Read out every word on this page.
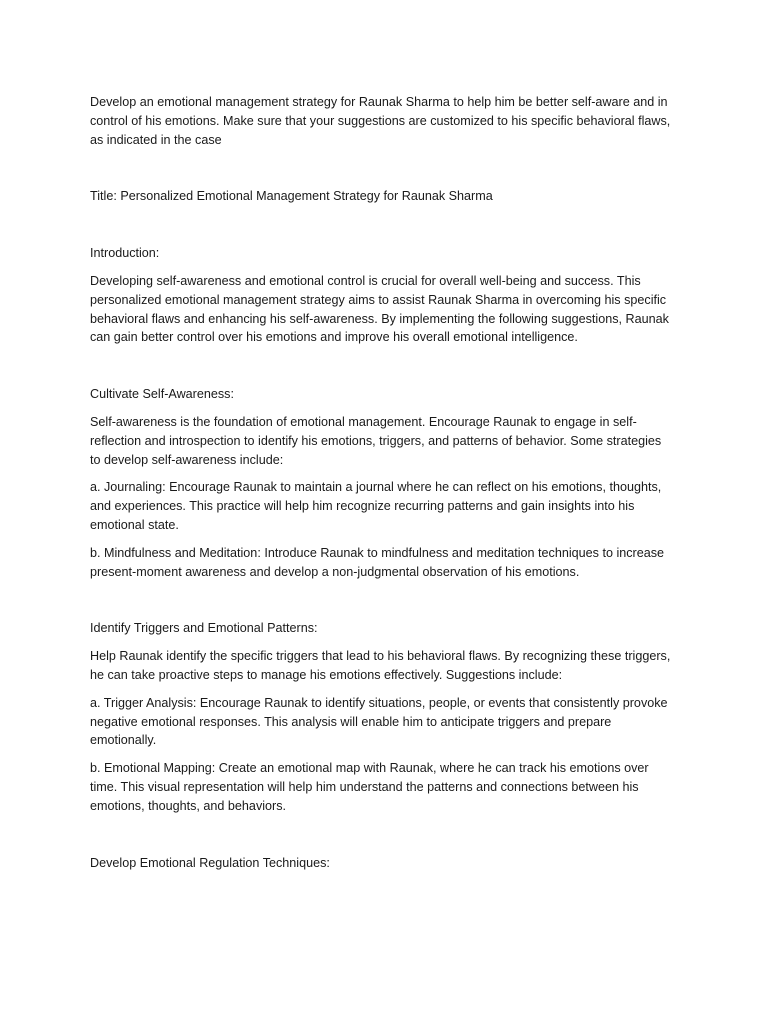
Develop an emotional management strategy for Raunak Sharma to help him be better self-aware and in
control of his emotions. Make sure that your suggestions are customized to his specific behavioral flaws,
as indicated in the case

Title: Personalized Emotional Management Strategy for Raunak Sharma

Introduction:

Developing self-awareness and emotional control is crucial for overall well-being and success. This
personalized emotional management strategy aims to assist Raunak Sharma in overcoming his specific
behavioral flaws and enhancing his self-awareness. By implementing the following suggestions, Raunak
can gain better control over his emotions and improve his overall emotional intelligence.

Cultivate Self-Awareness:

Self-awareness is the foundation of emotional management. Encourage Raunak to engage in self-
reflection and introspection to identify his emotions, triggers, and patterns of behavior. Some strategies
to develop self-awareness include:

a. Journaling: Encourage Raunak to maintain a journal where he can reflect on his emotions, thoughts,
and experiences. This practice will help him recognize recurring patterns and gain insights into his
emotional state.

b. Mindfulness and Meditation: Introduce Raunak to mindfulness and meditation techniques to increase
present-moment awareness and develop a non-judgmental observation of his emotions.

Identify Triggers and Emotional Patterns:

Help Raunak identify the specific triggers that lead to his behavioral flaws. By recognizing these triggers,
he can take proactive steps to manage his emotions effectively. Suggestions include:

a. Trigger Analysis: Encourage Raunak to identify situations, people, or events that consistently provoke
negative emotional responses. This analysis will enable him to anticipate triggers and prepare
emotionally.

b. Emotional Mapping: Create an emotional map with Raunak, where he can track his emotions over
time. This visual representation will help him understand the patterns and connections between his
emotions, thoughts, and behaviors.

Develop Emotional Regulation Techniques:
